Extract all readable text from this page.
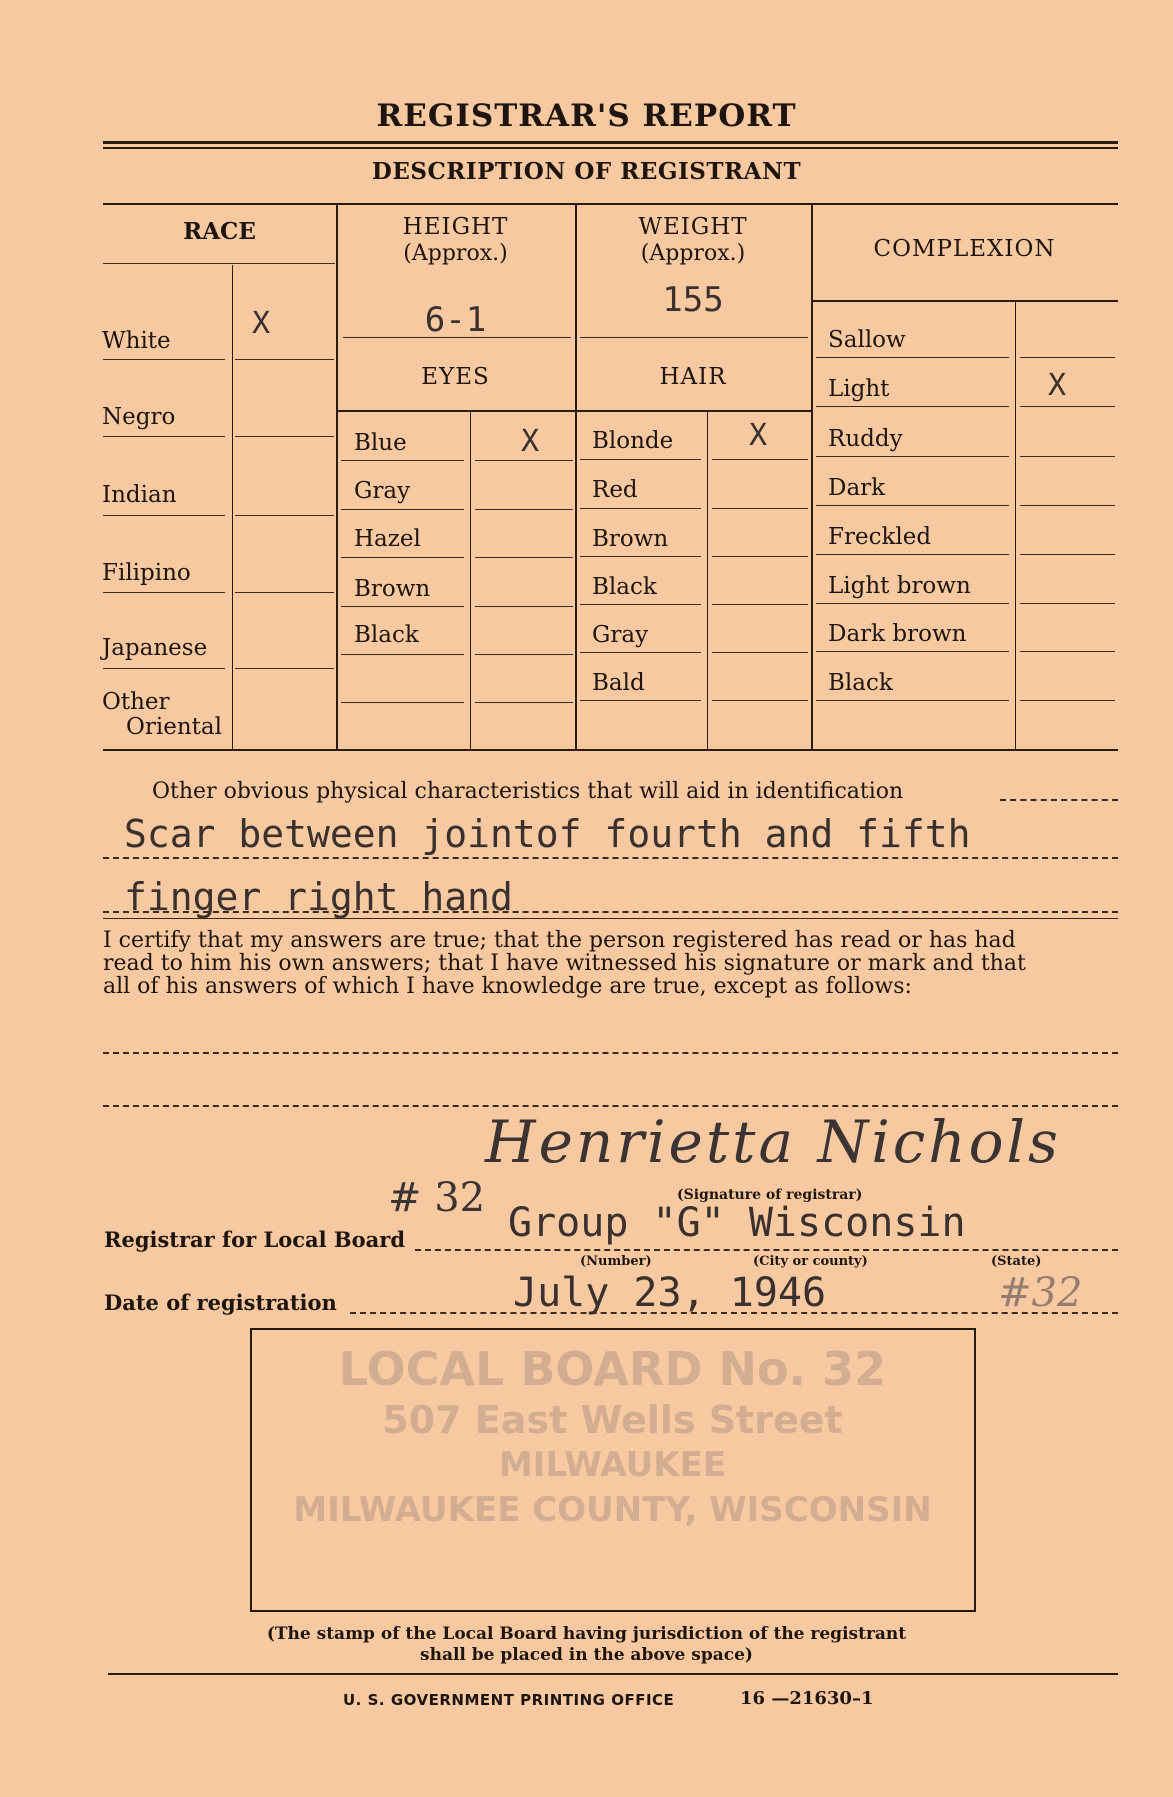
REGISTRAR'S REPORT
DESCRIPTION OF REGISTRANT
RACE
White	X
Negro
Indian
Filipino
Japanese
Other
Oriental
HEIGHT
(Approx.)
6-1
WEIGHT
(Approx.)
155
EYES
Blue	X
Gray
Hazel
Brown
Black
HAIR
Blonde	X
Red
Brown
Black
Gray
Bald
COMPLEXION
Sallow
Light	X
Ruddy
Dark
Freckled
Light brown
Dark brown
Black
Other obvious physical characteristics that will aid in identification
Scar between jointof fourth and fifth
finger right hand
I certify that my answers are true; that the person registered has read or has had
read to him his own answers; that I have witnessed his signature or mark and that
all of his answers of which I have knowledge are true, except as follows:
Henrietta Nichols
(Signature of registrar)
# 32
Registrar for Local Board	Group "G" Wisconsin
(Number)	(City or county)	(State)
Date of registration	July 23, 1946	#32
LOCAL BOARD No. 32
507 East Wells Street
MILWAUKEE
MILWAUKEE COUNTY, WISCONSIN
(The stamp of the Local Board having jurisdiction of the registrant
shall be placed in the above space)
U. S. GOVERNMENT PRINTING OFFICE	16 —21630–1
